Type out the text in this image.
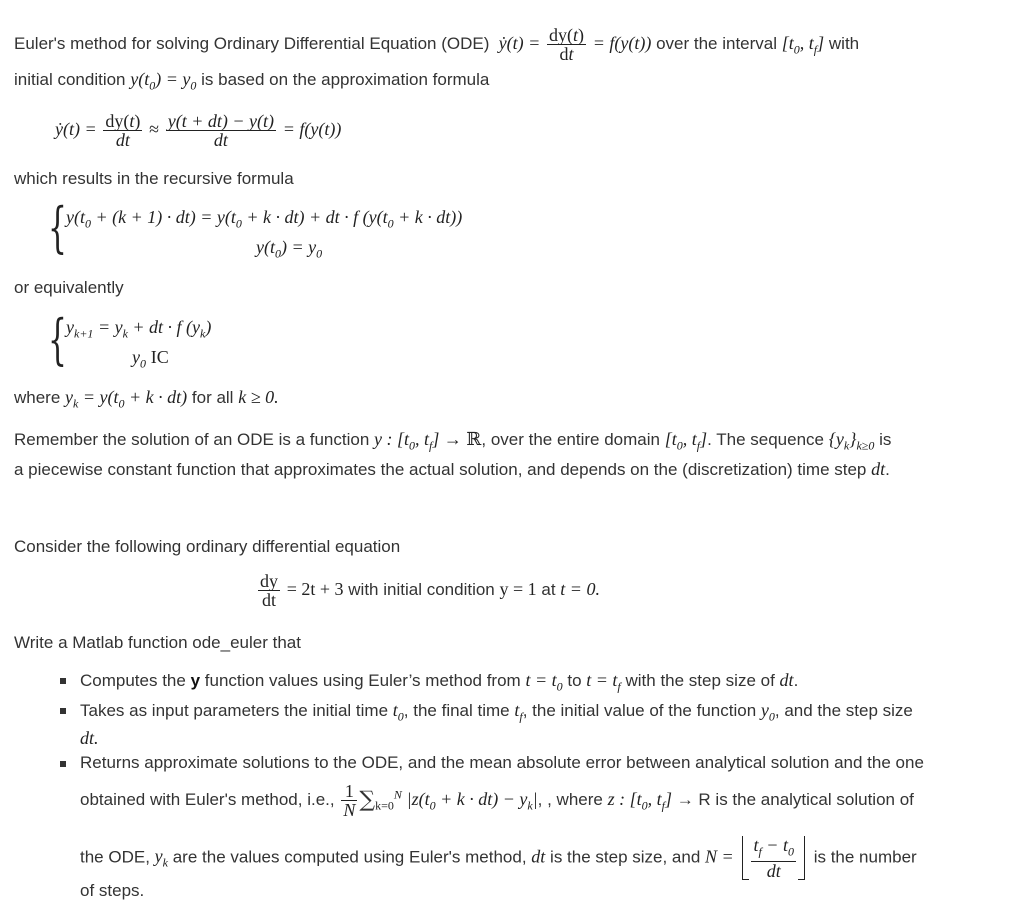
Euler's method for solving Ordinary Differential Equation (ODE)  ẏ(t) = $\frac{dy(t)}{dt} = f(y(t))$ over the interval [$t_0$, $t_f$] with
initial condition $y(t_0) = y_0$ is based on the approximation formula
ẏ(t) = $\frac{dy(t)}{dt} \approx \frac{y(t + dt) - y(t)}{dt} = f(y(t))$
which results in the recursive formula
{ $y(t_0 + (k + 1) \cdot dt) = y(t_0 + k \cdot dt)$ + dt · f $(y(t_0 + k \cdot dt))$
$y(t_0) = y_0$
or equivalently
{ $y_{k+1} = y_k$ + dt · f $(y_k)$
$y_0$ IC
where $y_k = y(t_0 + k \cdot dt)$ for all k ≥ 0.
Remember the solution of an ODE is a function y : [$t_0$, $t_f$] → ℝ, over the entire domain [$t_0$, $t_f$]. The sequence $\{y_k\}_{k\ge 0}$ is
a piecewise constant function that approximates the actual solution, and depends on the (discretization) time step dt.
Consider the following ordinary differential equation
$\frac{dy}{dt} = 2t + 3$ with initial condition y = 1 at t = 0.
Write a Matlab function ode_euler that
Computes the y function values using Euler’s method from $t = t_0$ to $t = t_f$ with the step size of dt.
Takes as input parameters the initial time $t_0$, the final time $t_f$, the initial value of the function $y_0$, and the step size
dt.
Returns approximate solutions to the ODE, and the mean absolute error between analytical solution and the one
obtained with Euler's method, i.e., $\frac{1}{N} \sum_{k=0}^N$ $|z(t_0 + k \cdot dt) - y_k|$, , where z : [$t_0$, $t_f] \to R$ is the analytical solution of
the ODE, $y_k$ are the values computed using Euler's method, dt is the step size, and $N = \frac{t_f - t_0}{dt}$ is the number
of steps.
